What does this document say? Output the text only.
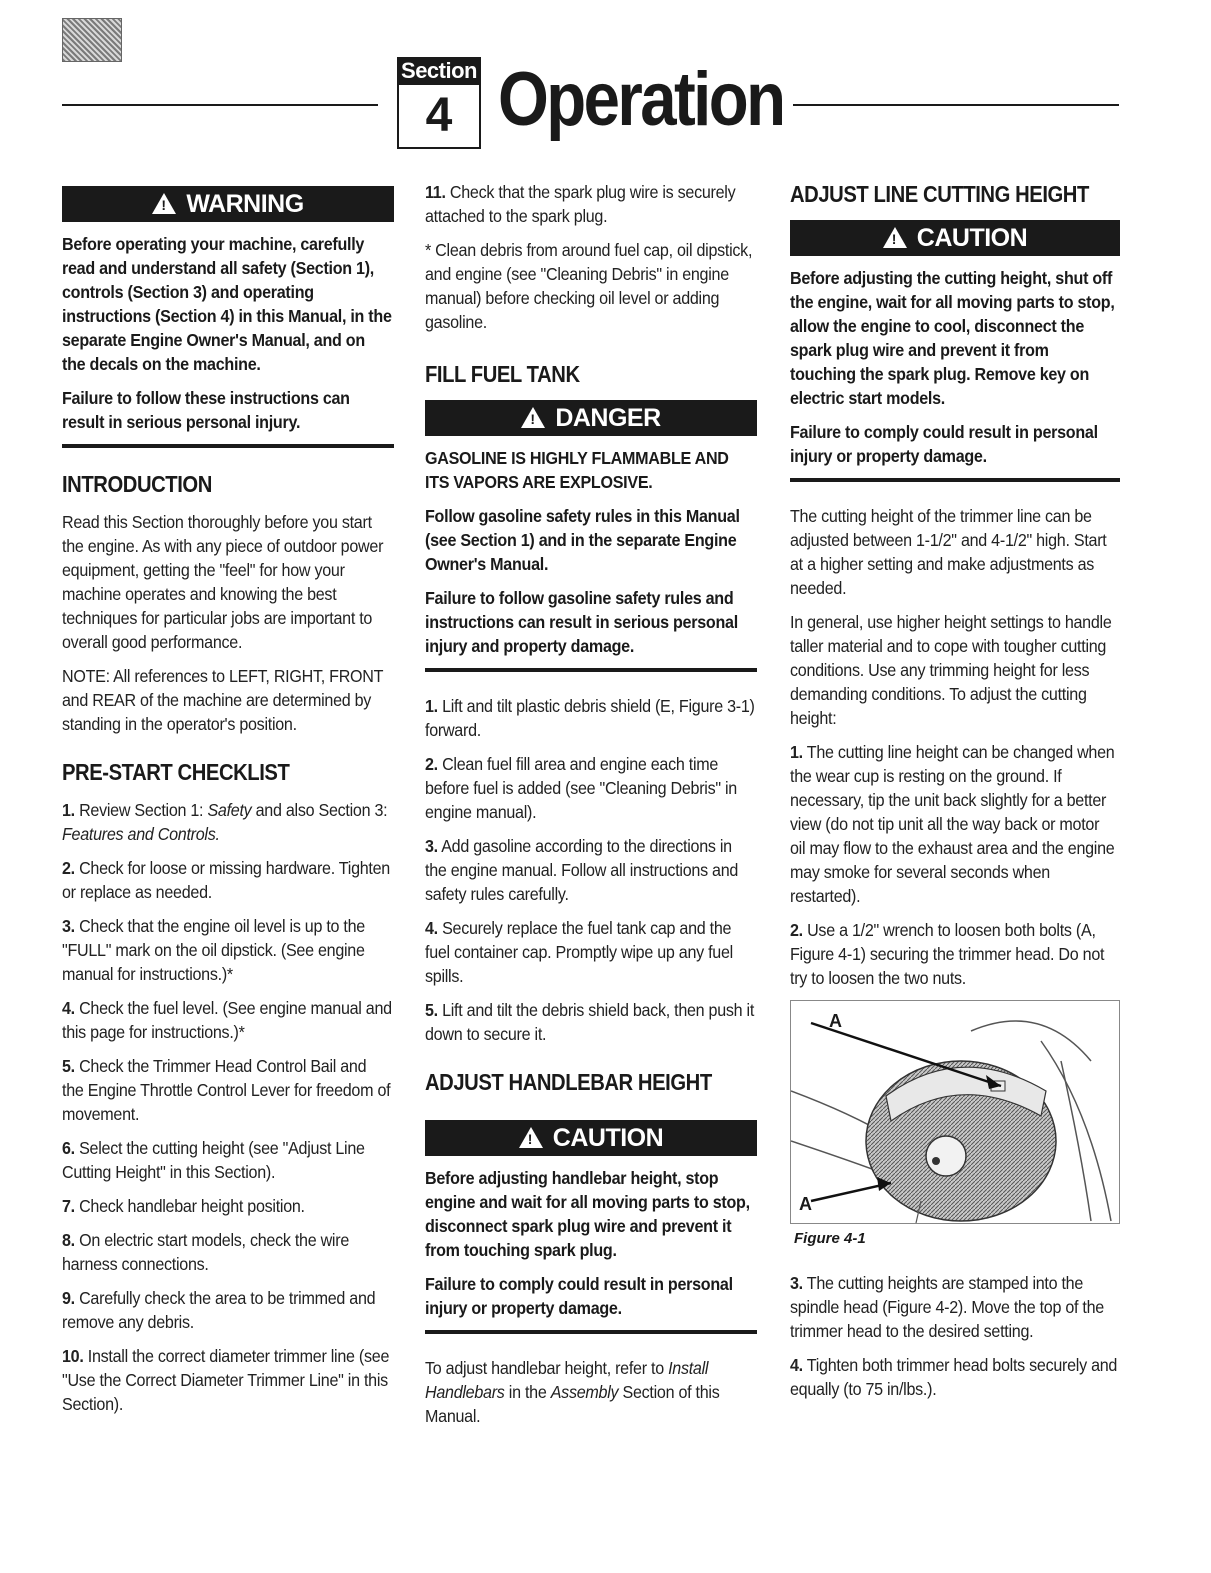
Section
4 Operation
!WARNING

Before operating your machine, carefully read and understand all safety (Section 1), controls (Section 3) and operating instructions (Section 4) in this Manual, in the separate Engine Owner's Manual, and on the decals on the machine.

Failure to follow these instructions can result in serious personal injury.

INTRODUCTION

Read this Section thoroughly before you start the engine. As with any piece of outdoor power equipment, getting the "feel" for how your machine operates and knowing the best techniques for particular jobs are important to overall good performance.

NOTE: All references to LEFT, RIGHT, FRONT and REAR of the machine are determined by standing in the operator's position.

PRE-START CHECKLIST

1. Review Section 1: Safety and also Section 3: Features and Controls.

2. Check for loose or missing hardware. Tighten or replace as needed.

3. Check that the engine oil level is up to the "FULL" mark on the oil dipstick. (See engine manual for instructions.)*

4. Check the fuel level. (See engine manual and this page for instructions.)*

5. Check the Trimmer Head Control Bail and the Engine Throttle Control Lever for freedom of movement.

6. Select the cutting height (see "Adjust Line Cutting Height" in this Section).

7. Check handlebar height position.

8. On electric start models, check the wire harness connections.

9. Carefully check the area to be trimmed and remove any debris.

10. Install the correct diameter trimmer line (see "Use the Correct Diameter Trimmer Line" in this Section).

11. Check that the spark plug wire is securely attached to the spark plug.

* Clean debris from around fuel cap, oil dipstick, and engine (see "Cleaning Debris" in engine manual) before checking oil level or adding gasoline.

FILL FUEL TANK
!DANGER

GASOLINE IS HIGHLY FLAMMABLE AND ITS VAPORS ARE EXPLOSIVE.

Follow gasoline safety rules in this Manual (see Section 1) and in the separate Engine Owner's Manual.

Failure to follow gasoline safety rules and instructions can result in serious personal injury and property damage.

1. Lift and tilt plastic debris shield (E, Figure 3-1) forward.

2. Clean fuel fill area and engine each time before fuel is added (see "Cleaning Debris" in engine manual).

3. Add gasoline according to the directions in the engine manual. Follow all instructions and safety rules carefully.

4. Securely replace the fuel tank cap and the fuel container cap. Promptly wipe up any fuel spills.

5. Lift and tilt the debris shield back, then push it down to secure it.

ADJUST HANDLEBAR HEIGHT
!CAUTION

Before adjusting handlebar height, stop engine and wait for all moving parts to stop, disconnect spark plug wire and prevent it from touching spark plug.

Failure to comply could result in personal injury or property damage.

To adjust handlebar height, refer to Install Handlebars in the Assembly Section of this Manual.

ADJUST LINE CUTTING HEIGHT
!CAUTION

Before adjusting the cutting height, shut off the engine, wait for all moving parts to stop, allow the engine to cool, disconnect the spark plug wire and prevent it from touching the spark plug. Remove key on electric start models.

Failure to comply could result in personal injury or property damage.

The cutting height of the trimmer line can be adjusted between 1-1/2" and 4-1/2" high. Start at a higher setting and make adjustments as needed.

In general, use higher height settings to handle taller material and to cope with tougher cutting conditions. Use any trimming height for less demanding conditions. To adjust the cutting height:

1. The cutting line height can be changed when the wear cup is resting on the ground. If necessary, tip the unit back slightly for a better view (do not tip unit all the way back or motor oil may flow to the exhaust area and the engine may smoke for several seconds when restarted).

2. Use a 1/2" wrench to loosen both bolts (A, Figure 4-1) securing the trimmer head. Do not try to loosen the two nuts.

A
A
Figure 4-1

3. The cutting heights are stamped into the spindle head (Figure 4-2). Move the top of the trimmer head to the desired setting.

4. Tighten both trimmer head bolts securely and equally (to 75 in/lbs.).
